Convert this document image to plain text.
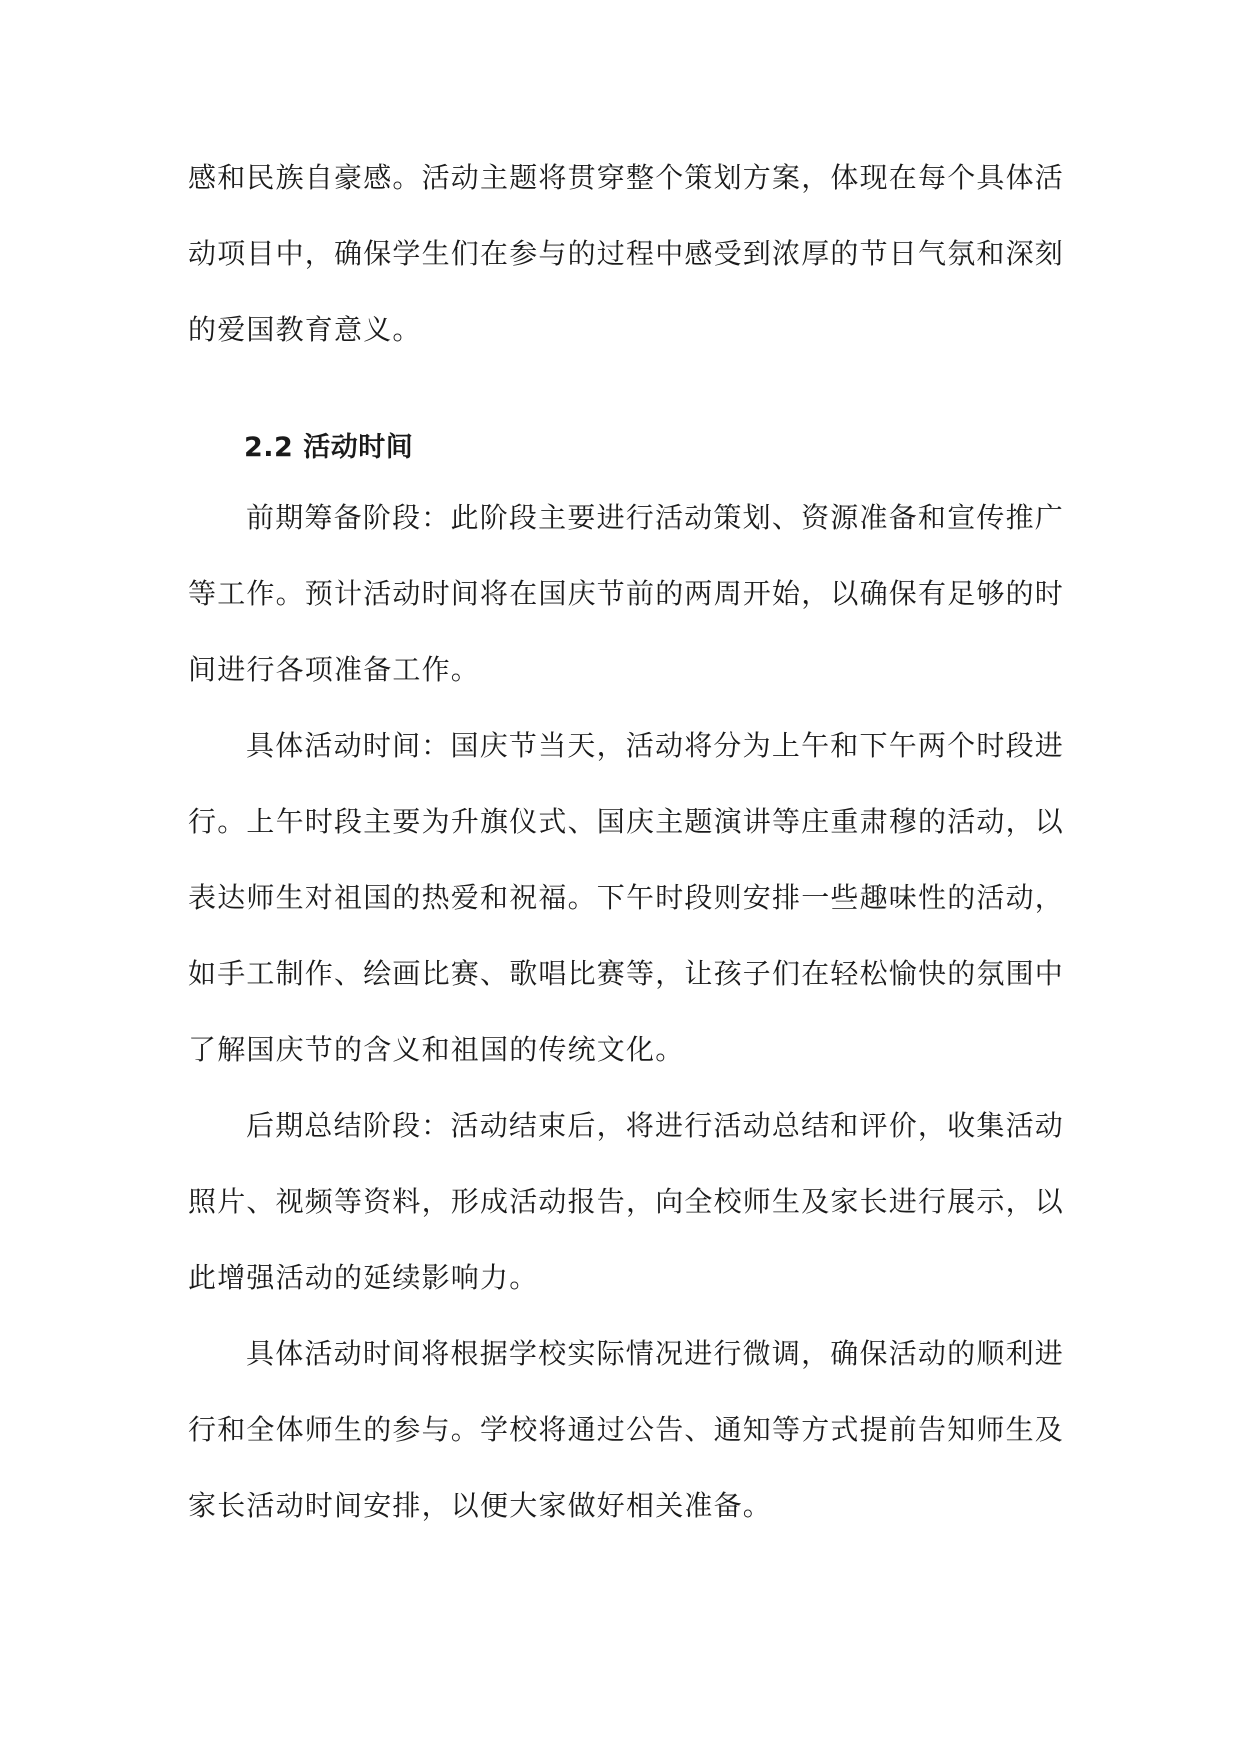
感和民族自豪感。活动主题将贯穿整个策划方案，体现在每个具体活动项目中，确保学生们在参与的过程中感受到浓厚的节日气氛和深刻的爱国教育意义。

2.2 活动时间

前期筹备阶段：此阶段主要进行活动策划、资源准备和宣传推广等工作。预计活动时间将在国庆节前的两周开始，以确保有足够的时间进行各项准备工作。

具体活动时间：国庆节当天，活动将分为上午和下午两个时段进行。上午时段主要为升旗仪式、国庆主题演讲等庄重肃穆的活动，以表达师生对祖国的热爱和祝福。下午时段则安排一些趣味性的活动，如手工制作、绘画比赛、歌唱比赛等，让孩子们在轻松愉快的氛围中了解国庆节的含义和祖国的传统文化。

后期总结阶段：活动结束后，将进行活动总结和评价，收集活动照片、视频等资料，形成活动报告，向全校师生及家长进行展示，以此增强活动的延续影响力。

具体活动时间将根据学校实际情况进行微调，确保活动的顺利进行和全体师生的参与。学校将通过公告、通知等方式提前告知师生及家长活动时间安排，以便大家做好相关准备。
